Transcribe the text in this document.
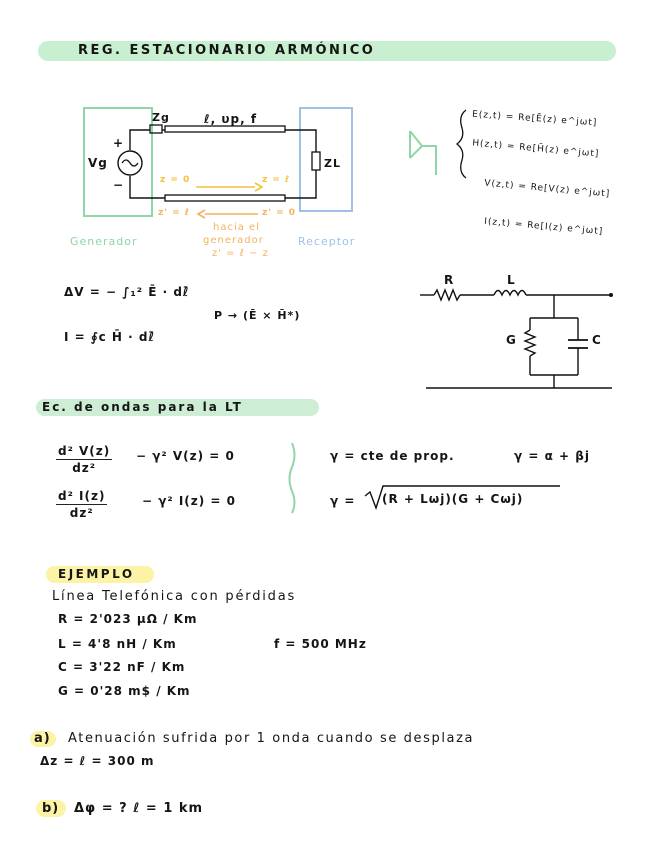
REG. ESTACIONARIO ARMÓNICO
Zg	ℓ, υp, f
+
−
Vg	ZL
z = 0	z = ℓ
z' = ℓ	z' = 0
hacia el
generador
z' = ℓ − z
Generador	Receptor
E(z,t) = Re[Ē(z) e^jωt]
H(z,t) = Re[H̄(z) e^jωt]
V(z,t) = Re[V(z) e^jωt]
I(z,t) = Re[I(z) e^jωt]
ΔV = − ∫₁² Ē · dℓ̄
P → (Ē × H̄*)
I = ∮c H̄ · dℓ̄
R	L
G	C
Ec. de ondas para la LT
$\frac{\text{d² V(z)}}{\text{dz²}} - \gamma^2$ V(z) = 0
$\frac{\text{d² I(z)}}{\text{dz²}}$	− γ² I(z) = 0
γ = cte de prop.	γ = α + βj
γ = (R + Lωj)(G + Cωj)
EJEMPLO
Línea Telefónica con pérdidas
R = 2'023 μΩ / Km
L = 4'8 nH / Km	f = 500 MHz
C = 3'22 nF / Km
G = 0'28 m$ / Km
a) Atenuación sufrida por 1 onda cuando se desplaza
Δz = ℓ = 300 m
b) Δφ = ? ℓ = 1 km
